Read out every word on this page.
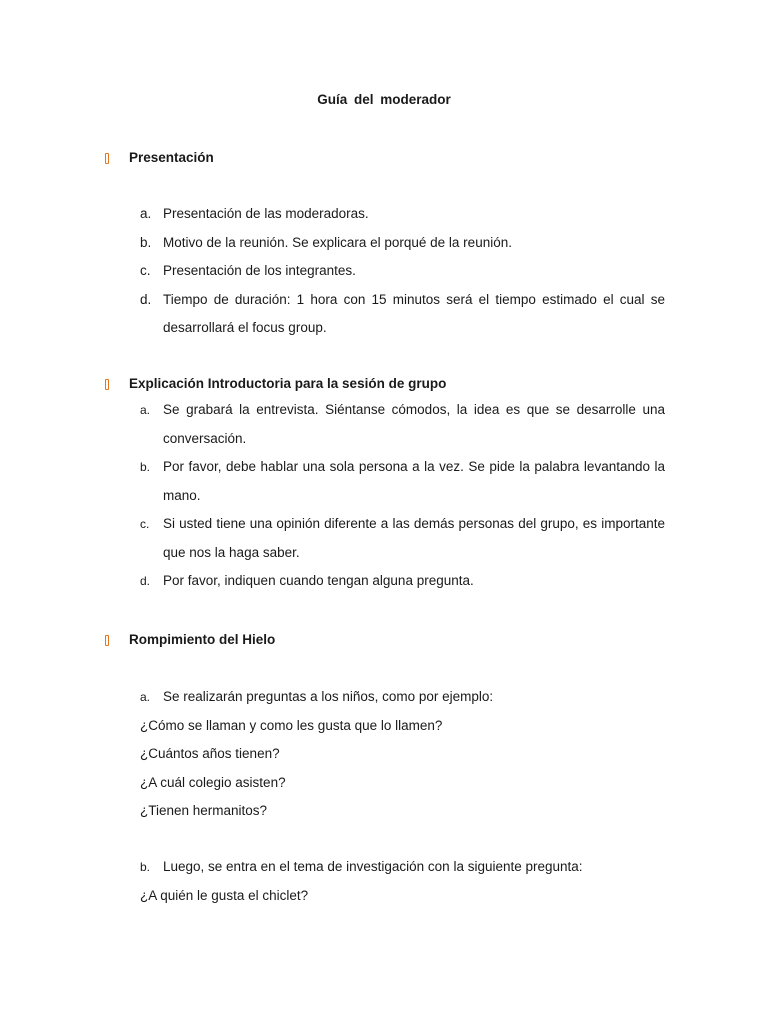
Guía del moderador
Presentación
a. Presentación de las moderadoras.
b. Motivo de la reunión. Se explicara el porqué de la reunión.
c. Presentación de los integrantes.
d. Tiempo de duración: 1 hora con 15 minutos será el tiempo estimado el cual se desarrollará el focus group.
Explicación Introductoria para la sesión de grupo
a. Se grabará la entrevista. Siéntanse cómodos, la idea es que se desarrolle una conversación.
b. Por favor, debe hablar una sola persona a la vez. Se pide la palabra levantando la mano.
c. Si usted tiene una opinión diferente a las demás personas del grupo, es importante que nos la haga saber.
d. Por favor, indiquen cuando tengan alguna pregunta.
Rompimiento del Hielo
a. Se realizarán preguntas a los niños, como por ejemplo:
¿Cómo se llaman y como les gusta que lo llamen?
¿Cuántos años tienen?
¿A cuál colegio asisten?
¿Tienen hermanitos?
b. Luego, se entra en el tema de investigación con la siguiente pregunta:
¿A quién le gusta el chiclet?
